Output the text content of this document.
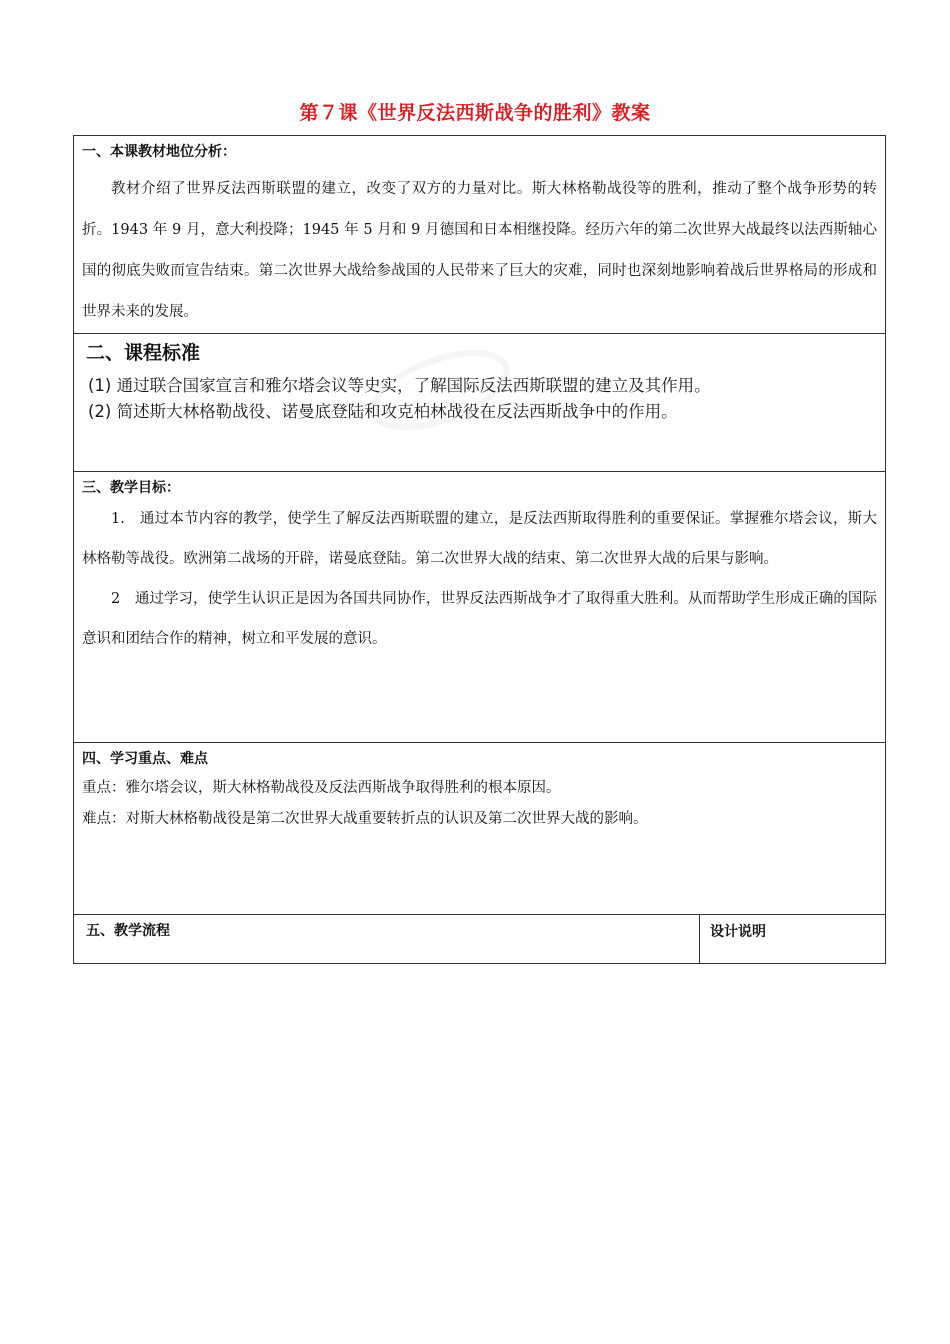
第７课《世界反法西斯战争的胜利》教案
一、本课教材地位分析：

教材介绍了世界反法西斯联盟的建立，改变了双方的力量对比。斯大林格勒战役等的胜利，推动了整个战争形势的转折。1943 年 9 月，意大利投降；1945 年 5 月和 9 月德国和日本相继投降。经历六年的第二次世界大战最终以法西斯轴心国的彻底失败而宣告结束。第二次世界大战给参战国的人民带来了巨大的灾难，同时也深刻地影响着战后世界格局的形成和世界未来的发展。

二、课程标准
(1) 通过联合国家宣言和雅尔塔会议等史实，了解国际反法西斯联盟的建立及其作用。
(2) 简述斯大林格勒战役、诺曼底登陆和攻克柏林战役在反法西斯战争中的作用。

三、教学目标：

1.　通过本节内容的教学，使学生了解反法西斯联盟的建立，是反法西斯取得胜利的重要保证。掌握雅尔塔会议，斯大林格勒等战役。欧洲第二战场的开辟，诺曼底登陆。第二次世界大战的结束、第二次世界大战的后果与影响。

2　通过学习，使学生认识正是因为各国共同协作，世界反法西斯战争才了取得重大胜利。从而帮助学生形成正确的国际意识和团结合作的精神，树立和平发展的意识。

四、学习重点、难点

重点：雅尔塔会议，斯大林格勒战役及反法西斯战争取得胜利的根本原因。

难点：对斯大林格勒战役是第二次世界大战重要转折点的认识及第二次世界大战的影响。

五、教学流程	设计说明
